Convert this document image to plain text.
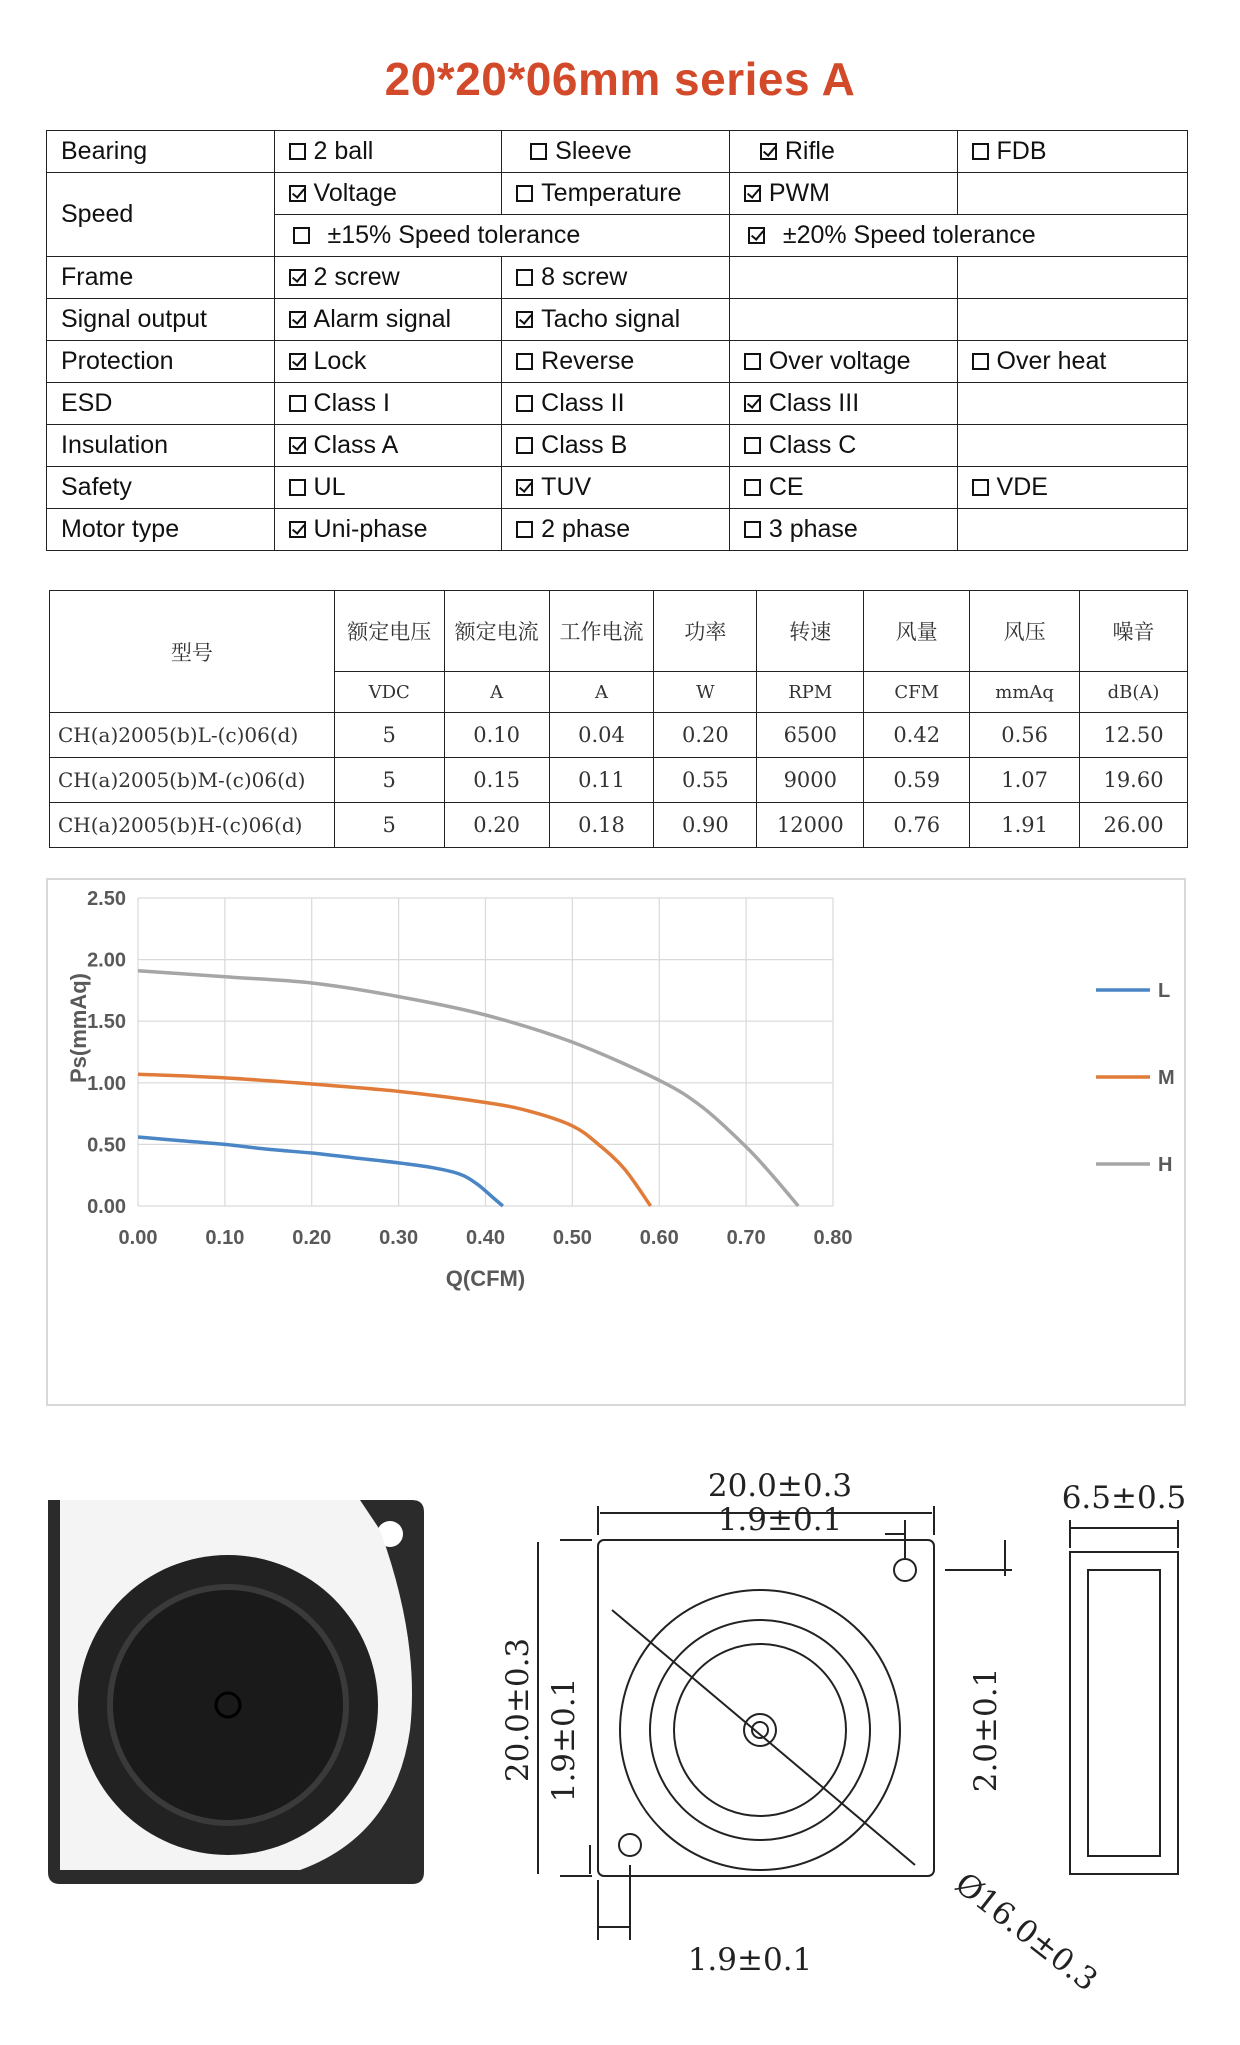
20*20*06mm series A
Bearing	2 ball	Sleeve	Rifle	FDB
Speed	Voltage	Temperature	PWM	
	±15% Speed tolerance		±20% Speed tolerance	
Frame	2 screw	8 screw		
Signal output	Alarm signal	Tacho signal		
Protection	Lock	Reverse	Over voltage	Over heat
ESD	Class I	Class II	Class III	
Insulation	Class A	Class B	Class C	
Safety	UL	TUV	CE	VDE
Motor type	Uni-phase	2 phase	3 phase	
型号	额定电压	额定电流	工作电流	功率	转速	风量	风压	噪音
	VDC	A	A	W	RPM	CFM	mmAq	dB(A)
CH(a)2005(b)L-(c)06(d)	5	0.10	0.04	0.20	6500	0.42	0.56	12.50
CH(a)2005(b)M-(c)06(d)	5	0.15	0.11	0.55	9000	0.59	1.07	19.60
CH(a)2005(b)H-(c)06(d)	5	0.20	0.18	0.90	12000	0.76	1.91	26.00
0.00
0.50
1.00
1.50
2.00
2.50
0.00 0.10 0.20 0.30 0.40 0.50 0.60 0.70 0.80
Q(CFM)
Ps(mmAq)	L
M
H
20.0±0.3
1.9±0.1
20.0±0.3 1.9±0.1	2.0±0.1
1.9±0.1	Ø16.0±0.3
6.5±0.5
